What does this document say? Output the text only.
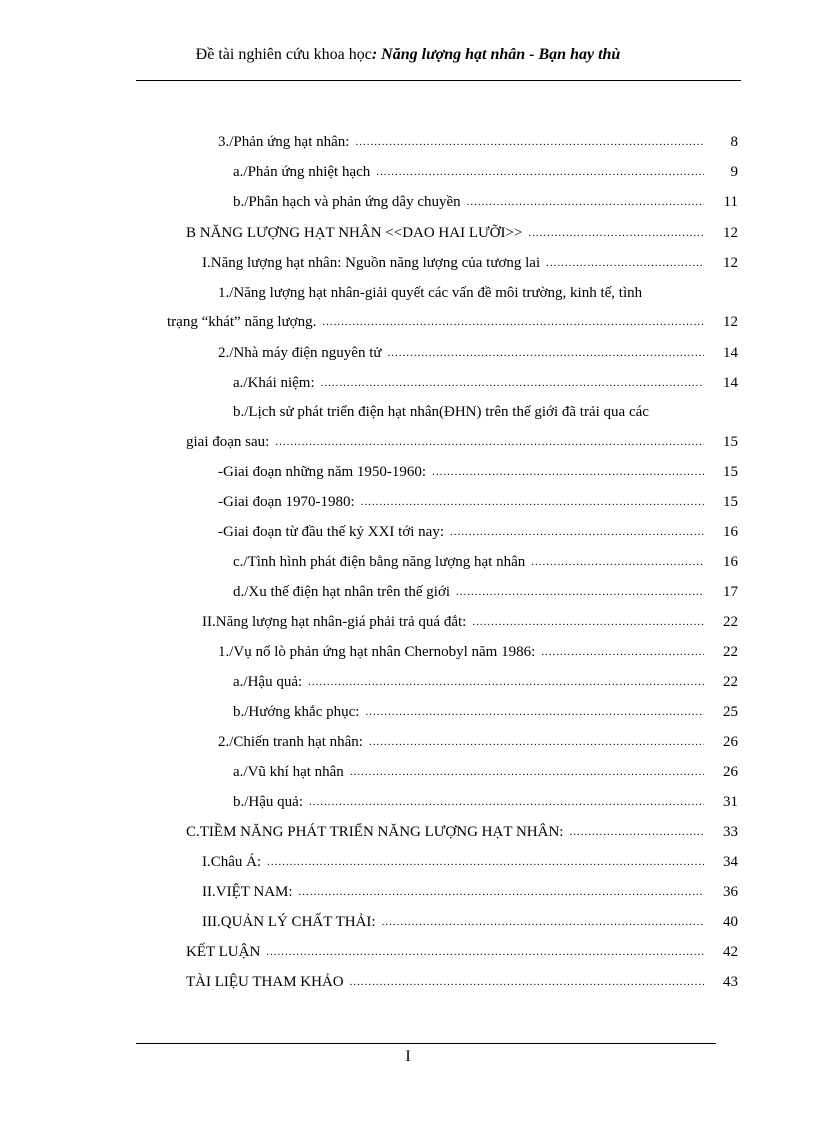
Đề tài nghiên cứu khoa học: Năng lượng hạt nhân - Bạn hay thù
3./Phản ứng hạt nhân: .....	8
a./Phản ứng nhiệt hạch .....	9
b./Phân hạch và phản ứng dây chuyền .....	11
B NĂNG LƯỢNG HẠT NHÂN <<DAO HAI LƯỠI>> .....	12
I.Năng lượng hạt nhân: Nguồn năng lượng của tương lai .....	12
1./Năng lượng hạt nhân-giải quyết các vấn đề môi trường, kinh tế, tình
trạng “khát” năng lượng. .....	12
2./Nhà máy điện nguyên tử .....	14
a./Khái niệm: .....	14
b./Lịch sử phát triển điện hạt nhân(ĐHN) trên thế giới đã trải qua các
giai đoạn sau: .....	15
-Giai đoạn những năm 1950-1960: .....	15
-Giai đoạn 1970-1980: .....	15
-Giai đoạn từ đầu thế kỷ XXI tới nay: .....	16
c./Tình hình phát điện bằng năng lượng hạt nhân .....	16
d./Xu thế điện hạt nhân trên thế giới .....	17
II.Năng lượng hạt nhân-giá phải trả quá đắt: .....	22
1./Vụ nổ lò phản ứng hạt nhân Chernobyl năm 1986: .....	22
a./Hậu quả: .....	22
b./Hướng khắc phục: .....	25
2./Chiến tranh hạt nhân: .....	26
a./Vũ khí hạt nhân .....	26
b./Hậu quả: .....	31
C.TIỀM NĂNG PHÁT TRIỂN NĂNG LƯỢNG HẠT NHÂN: .....	33
I.Châu Á: .....	34
II.VIỆT NAM: .....	36
III.QUẢN LÝ CHẤT THẢI: .....	40
KẾT LUẬN .....	42
TÀI LIỆU THAM KHẢO .....	43
I
